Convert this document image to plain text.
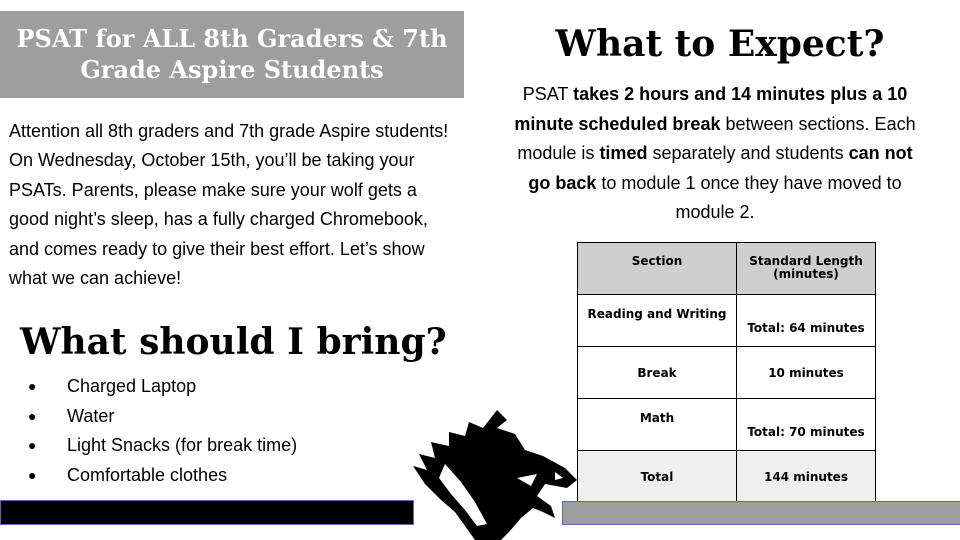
PSAT for ALL 8th Graders & 7th
Grade Aspire Students

Attention all 8th graders and 7th grade Aspire students! On Wednesday, October 15th, you’ll be taking your PSATs. Parents, please make sure your wolf gets a good night’s sleep, has a fully charged Chromebook, and comes ready to give their best effort. Let’s show what we can achieve!

What should I bring?
●	Charged Laptop
●	Water
●	Light Snacks (for break time)
●	Comfortable clothes
What to Expect?

PSAT takes 2 hours and 14 minutes plus a 10 minute scheduled break between sections. Each module is timed separately and students can not go back to module 1 once they have moved to module 2.

Section	Standard Length (minutes)
Reading and Writing	Total: 64 minutes
Break	10 minutes
Math	Total: 70 minutes
Total	144 minutes
